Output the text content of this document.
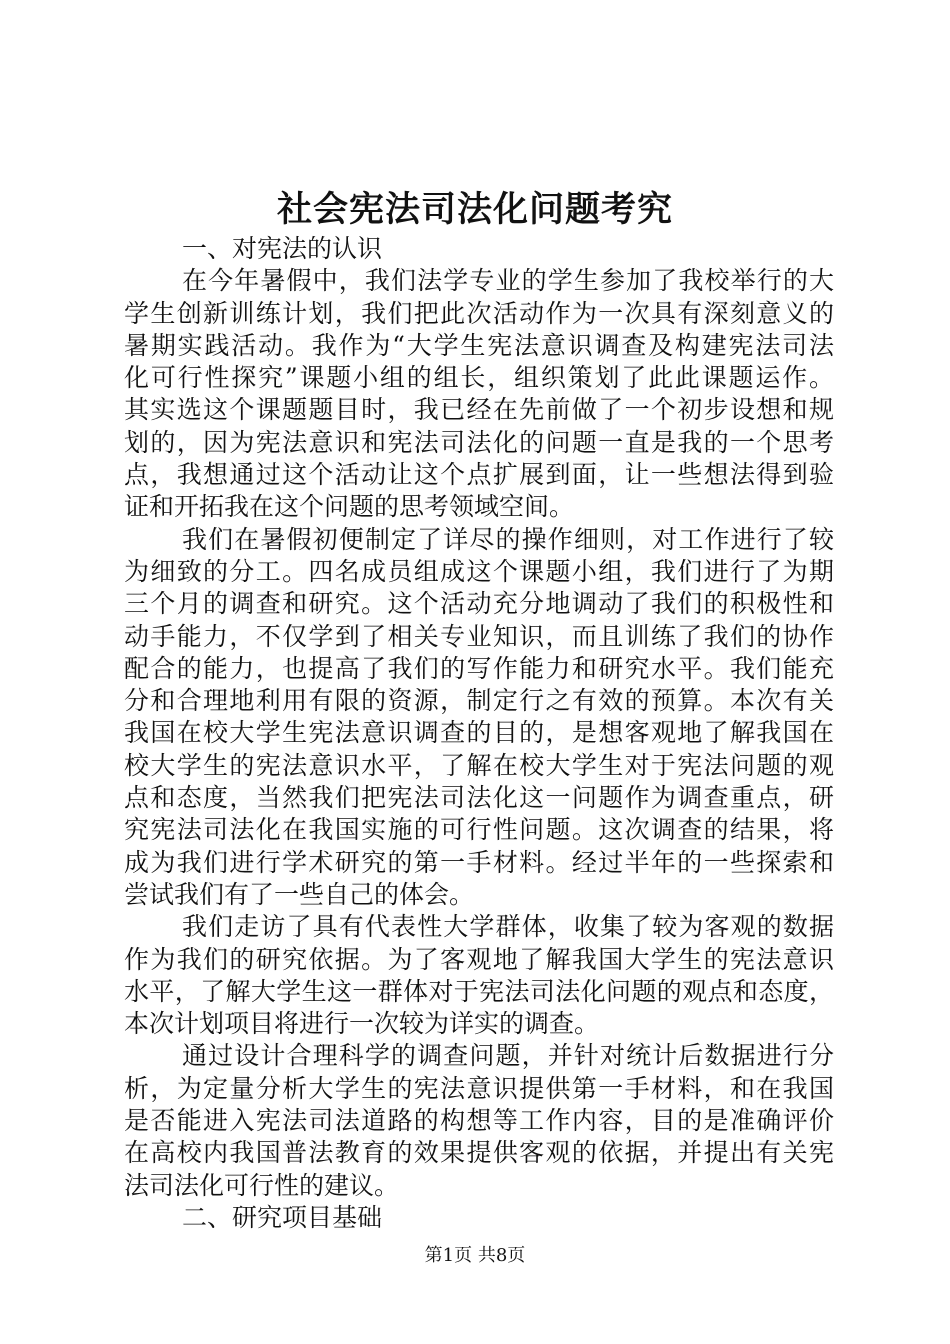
社会宪法司法化问题考究
一、对宪法的认识
在今年暑假中，我们法学专业的学生参加了我校举行的大
学生创新训练计划，我们把此次活动作为一次具有深刻意义的
暑期实践活动。我作为“大学生宪法意识调查及构建宪法司法
化可行性探究”课题小组的组长，组织策划了此此课题运作。
其实选这个课题题目时，我已经在先前做了一个初步设想和规
划的，因为宪法意识和宪法司法化的问题一直是我的一个思考
点，我想通过这个活动让这个点扩展到面，让一些想法得到验
证和开拓我在这个问题的思考领域空间。
我们在暑假初便制定了详尽的操作细则，对工作进行了较
为细致的分工。四名成员组成这个课题小组，我们进行了为期
三个月的调查和研究。这个活动充分地调动了我们的积极性和
动手能力，不仅学到了相关专业知识，而且训练了我们的协作
配合的能力，也提高了我们的写作能力和研究水平。我们能充
分和合理地利用有限的资源，制定行之有效的预算。本次有关
我国在校大学生宪法意识调查的目的，是想客观地了解我国在
校大学生的宪法意识水平，了解在校大学生对于宪法问题的观
点和态度，当然我们把宪法司法化这一问题作为调查重点，研
究宪法司法化在我国实施的可行性问题。这次调查的结果，将
成为我们进行学术研究的第一手材料。经过半年的一些探索和
尝试我们有了一些自己的体会。
我们走访了具有代表性大学群体，收集了较为客观的数据
作为我们的研究依据。为了客观地了解我国大学生的宪法意识
水平，了解大学生这一群体对于宪法司法化问题的观点和态度，
本次计划项目将进行一次较为详实的调查。
通过设计合理科学的调查问题，并针对统计后数据进行分
析，为定量分析大学生的宪法意识提供第一手材料，和在我国
是否能进入宪法司法道路的构想等工作内容，目的是准确评价
在高校内我国普法教育的效果提供客观的依据，并提出有关宪
法司法化可行性的建议。
二、研究项目基础
第1页 共8页
